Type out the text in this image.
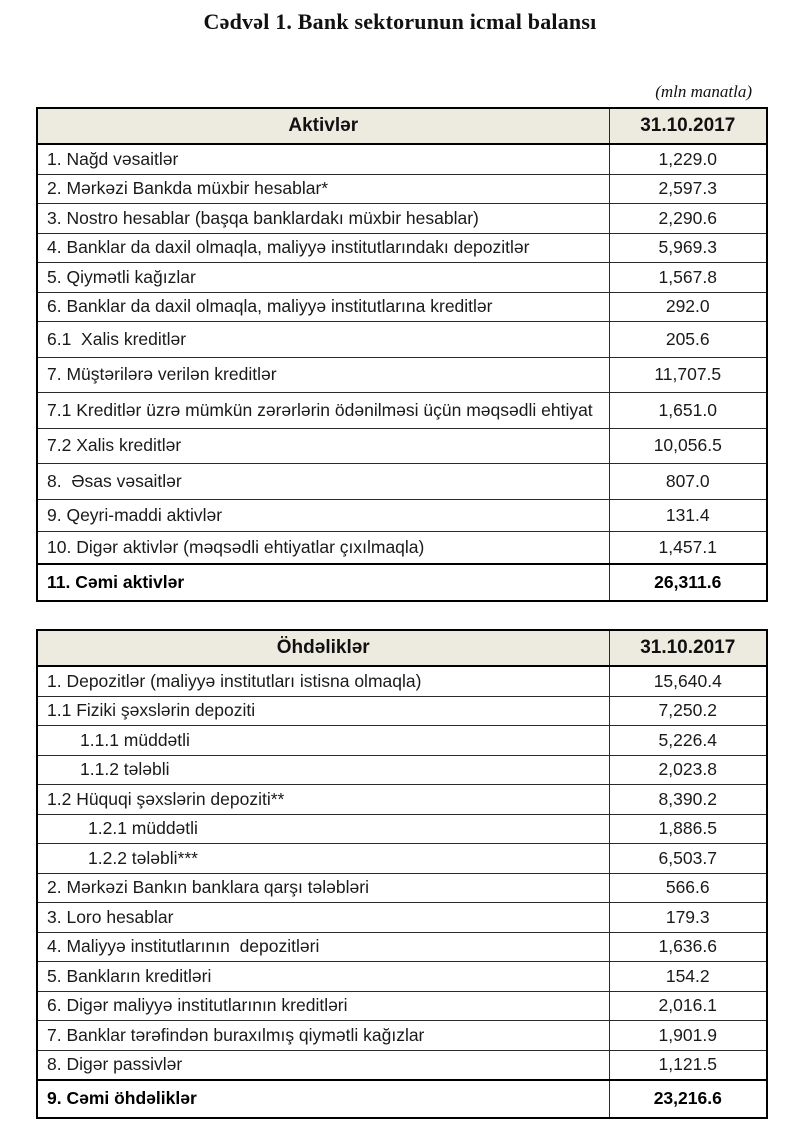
Cədvəl 1. Bank sektorunun icmal balansı
(mln manatla)
Aktivlər	31.10.2017
1. Nağd vəsaitlər	1,229.0
2. Mərkəzi Bankda müxbir hesablar*	2,597.3
3. Nostro hesablar (başqa banklardakı müxbir hesablar)	2,290.6
4. Banklar da daxil olmaqla, maliyyə institutlarındakı depozitlər	5,969.3
5. Qiymətli kağızlar	1,567.8
6. Banklar da daxil olmaqla, maliyyə institutlarına kreditlər	292.0
6.1  Xalis kreditlər	205.6
7. Müştərilərə verilən kreditlər	11,707.5
7.1 Kreditlər üzrə mümkün zərərlərin ödənilməsi üçün məqsədli ehtiyat	1,651.0
7.2 Xalis kreditlər	10,056.5
8.  Əsas vəsaitlər	807.0
9. Qeyri-maddi aktivlər	131.4
10. Digər aktivlər (məqsədli ehtiyatlar çıxılmaqla)	1,457.1
11. Cəmi aktivlər	26,311.6
Öhdəliklər	31.10.2017
1. Depozitlər (maliyyə institutları istisna olmaqla)	15,640.4
1.1 Fiziki şəxslərin depoziti	7,250.2
1.1.1 müddətli	5,226.4
1.1.2 tələbli	2,023.8
1.2 Hüquqi şəxslərin depoziti**	8,390.2
1.2.1 müddətli	1,886.5
1.2.2 tələbli***	6,503.7
2. Mərkəzi Bankın banklara qarşı tələbləri	566.6
3. Loro hesablar	179.3
4. Maliyyə institutlarının  depozitləri	1,636.6
5. Bankların kreditləri	154.2
6. Digər maliyyə institutlarının kreditləri	2,016.1
7. Banklar tərəfindən buraxılmış qiymətli kağızlar	1,901.9
8. Digər passivlər	1,121.5
9. Cəmi öhdəliklər	23,216.6
